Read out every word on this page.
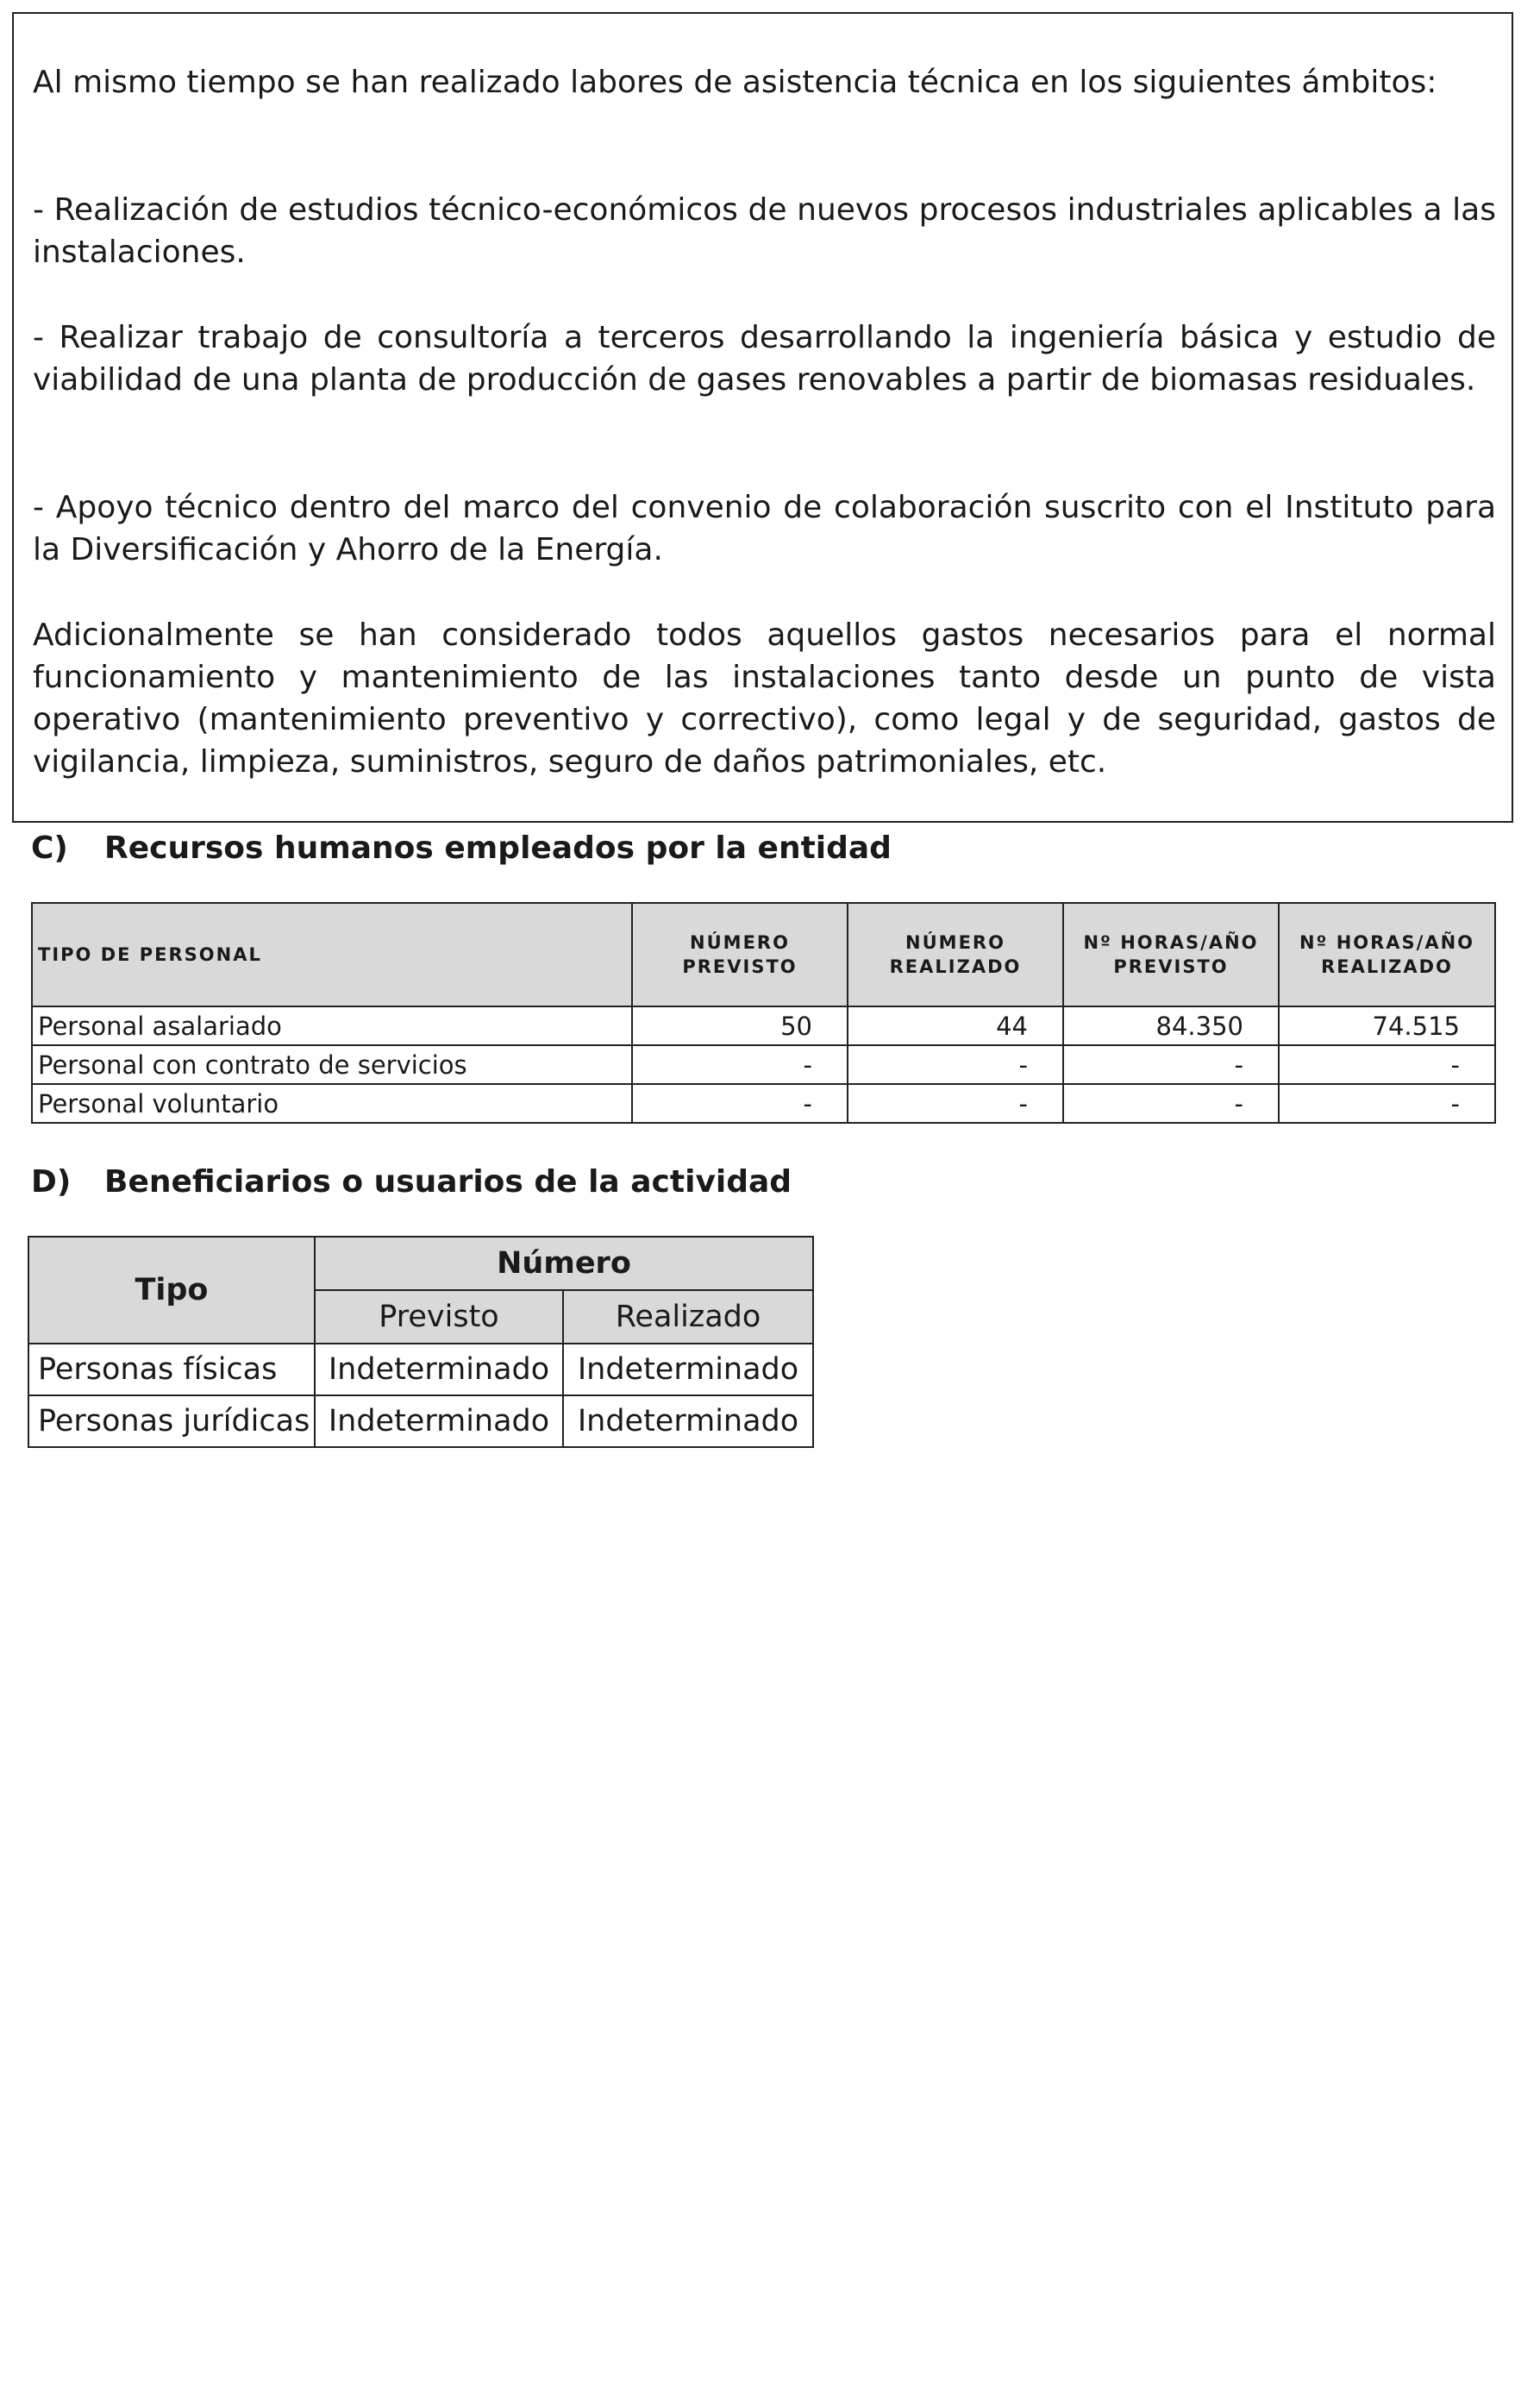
Al mismo tiempo se han realizado labores de asistencia técnica en los siguientes ámbitos:

- Realización de estudios técnico-económicos de nuevos procesos industriales aplicables a las instalaciones.

- Realizar trabajo de consultoría a terceros desarrollando la ingeniería básica y estudio de viabilidad de una planta de producción de gases renovables a partir de biomasas residuales.

- Apoyo técnico dentro del marco del convenio de colaboración suscrito con el Instituto para la Diversificación y Ahorro de la Energía.

Adicionalmente se han considerado todos aquellos gastos necesarios para el normal funcionamiento y mantenimiento de las instalaciones tanto desde un punto de vista operativo (mantenimiento preventivo y correctivo), como legal y de seguridad, gastos de vigilancia, limpieza, suministros, seguro de daños patrimoniales, etc.

C) Recursos humanos empleados por la entidad
TIPO DE PERSONAL	NÚMERO PREVISTO	NÚMERO REALIZADO	Nº HORAS/AÑO PREVISTO	Nº HORAS/AÑO REALIZADO
Personal asalariado	50	44	84.350	74.515
Personal con contrato de servicios	-	-	-	-
Personal voluntario	-	-	-	-
D) Beneficiarios o usuarios de la actividad
Tipo	Número	
	Previsto	Realizado
Personas físicas	Indeterminado	Indeterminado
Personas jurídicas	Indeterminado	Indeterminado
